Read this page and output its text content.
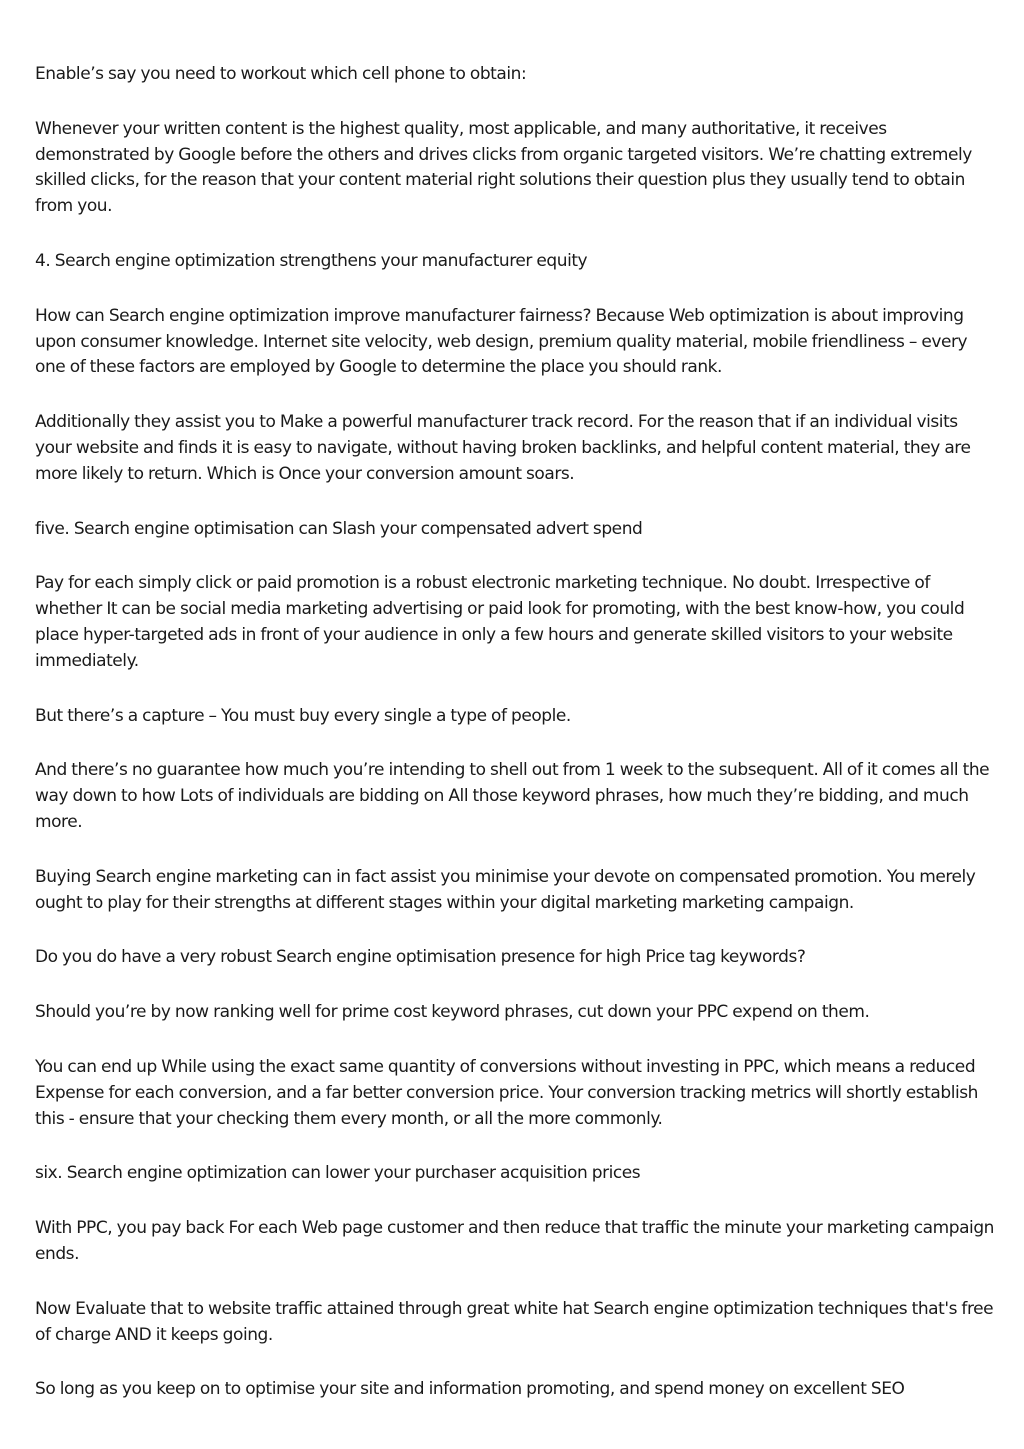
Enable’s say you need to workout which cell phone to obtain:

Whenever your written content is the highest quality, most applicable, and many authoritative, it receives demonstrated by Google before the others and drives clicks from organic targeted visitors. We’re chatting extremely skilled clicks, for the reason that your content material right solutions their question plus they usually tend to obtain from you.

4. Search engine optimization strengthens your manufacturer equity

How can Search engine optimization improve manufacturer fairness? Because Web optimization is about improving upon consumer knowledge. Internet site velocity, web design, premium quality material, mobile friendliness – every one of these factors are employed by Google to determine the place you should rank.

Additionally they assist you to Make a powerful manufacturer track record. For the reason that if an individual visits your website and finds it is easy to navigate, without having broken backlinks, and helpful content material, they are more likely to return. Which is Once your conversion amount soars.

five. Search engine optimisation can Slash your compensated advert spend

Pay for each simply click or paid promotion is a robust electronic marketing technique. No doubt. Irrespective of whether It can be social media marketing advertising or paid look for promoting, with the best know-how, you could place hyper-targeted ads in front of your audience in only a few hours and generate skilled visitors to your website immediately.

But there’s a capture – You must buy every single a type of people.

And there’s no guarantee how much you’re intending to shell out from 1 week to the subsequent. All of it comes all the way down to how Lots of individuals are bidding on All those keyword phrases, how much they’re bidding, and much more.

Buying Search engine marketing can in fact assist you minimise your devote on compensated promotion. You merely ought to play for their strengths at different stages within your digital marketing marketing campaign.

Do you do have a very robust Search engine optimisation presence for high Price tag keywords?

Should you’re by now ranking well for prime cost keyword phrases, cut down your PPC expend on them.

You can end up While using the exact same quantity of conversions without investing in PPC, which means a reduced Expense for each conversion, and a far better conversion price. Your conversion tracking metrics will shortly establish this - ensure that your checking them every month, or all the more commonly.

six. Search engine optimization can lower your purchaser acquisition prices

With PPC, you pay back For each Web page customer and then reduce that traffic the minute your marketing campaign ends.

Now Evaluate that to website traffic attained through great white hat Search engine optimization techniques that's free of charge AND it keeps going.

So long as you keep on to optimise your site and information promoting, and spend money on excellent SEO
